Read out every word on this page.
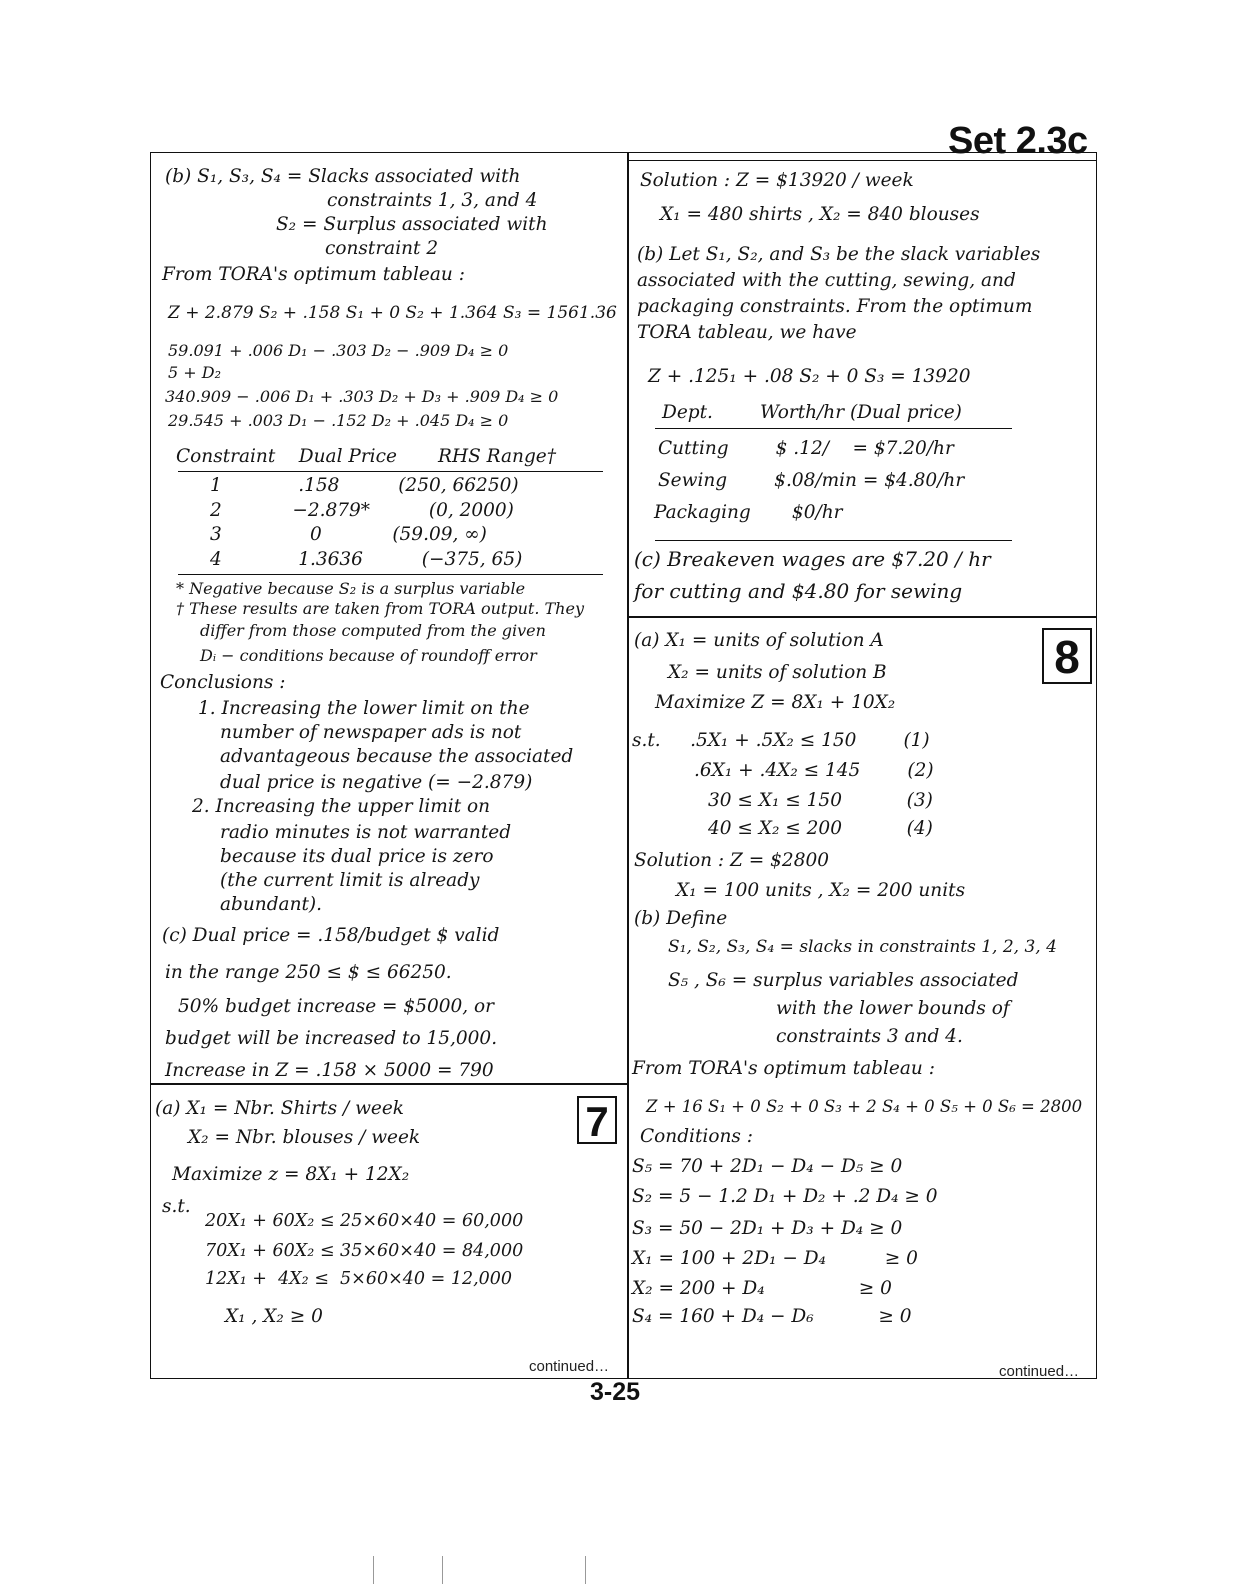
Set 2.3c
7
8
(b) S₁, S₃, S₄ = Slacks associated with
constraints 1, 3, and 4
S₂ = Surplus associated with
constraint 2
From TORA's optimum tableau :
Z + 2.879 S₂ + .158 S₁ + 0 S₂ + 1.364 S₃ = 1561.36
59.091 + .006 D₁ − .303 D₂ − .909 D₄ ≥ 0
5 + D₂
340.909 − .006 D₁ + .303 D₂ + D₃ + .909 D₄ ≥ 0
29.545 + .003 D₁ − .152 D₂ + .045 D₄ ≥ 0
Constraint    Dual Price       RHS Range†
1             .158          (250, 66250)
2            −2.879*          (0, 2000)
3               0            (59.09, ∞)
4             1.3636          (−375, 65)
* Negative because S₂ is a surplus variable
† These results are taken from TORA output. They
differ from those computed from the given
Dᵢ − conditions because of roundoff error
Conclusions :
1. Increasing the lower limit on the
number of newspaper ads is not
advantageous because the associated
dual price is negative (= −2.879)
2. Increasing the upper limit on
radio minutes is not warranted
because its dual price is zero
(the current limit is already
abundant).
(c) Dual price = .158/budget $ valid
in the range 250 ≤ $ ≤ 66250.
50% budget increase = $5000, or
budget will be increased to 15,000.
Increase in Z = .158 × 5000 = 790
(a) X₁ = Nbr. Shirts / week
X₂ = Nbr. blouses / week
Maximize z = 8X₁ + 12X₂
s.t.
20X₁ + 60X₂ ≤ 25×60×40 = 60,000
70X₁ + 60X₂ ≤ 35×60×40 = 84,000
12X₁ +  4X₂ ≤  5×60×40 = 12,000
X₁ , X₂ ≥ 0
Solution : Z = $13920 / week
X₁ = 480 shirts , X₂ = 840 blouses
(b) Let S₁, S₂, and S₃ be the slack variables
associated with the cutting, sewing, and
packaging constraints. From the optimum
TORA tableau, we have
Z + .125₁ + .08 S₂ + 0 S₃ = 13920
Dept.        Worth/hr (Dual price)
Cutting        $ .12/    = $7.20/hr
Sewing        $.08/min = $4.80/hr
Packaging       $0/hr
(c) Breakeven wages are $7.20 / hr
for cutting and $4.80 for sewing
(a) X₁ = units of solution A
X₂ = units of solution B
Maximize Z = 8X₁ + 10X₂
s.t.     .5X₁ + .5X₂ ≤ 150        (1)
.6X₁ + .4X₂ ≤ 145        (2)
30 ≤ X₁ ≤ 150           (3)
40 ≤ X₂ ≤ 200           (4)
Solution : Z = $2800
X₁ = 100 units , X₂ = 200 units
(b) Define
S₁, S₂, S₃, S₄ = slacks in constraints 1, 2, 3, 4
S₅ , S₆ = surplus variables associated
with the lower bounds of
constraints 3 and 4.
From TORA's optimum tableau :
Z + 16 S₁ + 0 S₂ + 0 S₃ + 2 S₄ + 0 S₅ + 0 S₆ = 2800
Conditions :
S₅ = 70 + 2D₁ − D₄ − D₅ ≥ 0
S₂ = 5 − 1.2 D₁ + D₂ + .2 D₄ ≥ 0
S₃ = 50 − 2D₁ + D₃ + D₄ ≥ 0
X₁ = 100 + 2D₁ − D₄          ≥ 0
X₂ = 200 + D₄                ≥ 0
S₄ = 160 + D₄ − D₆           ≥ 0
continued…	continued…
3-25
